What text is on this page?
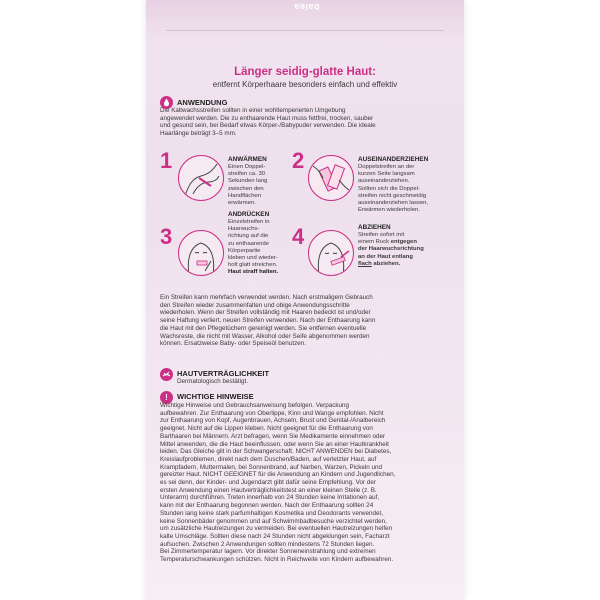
balea
Länger seidig-glatte Haut:
entfernt Körperhaare besonders einfach und effektiv
ANWENDUNG
Die Kaltwachsstreifen sollten in einer wohltemperierten Umgebung
angewendet werden. Die zu enthaarende Haut muss fettfrei, trocken, sauber
und gesund sein, bei Bedarf etwas Körper-/Babypuder verwenden. Die ideale
Haarlänge beträgt 3–5 mm.
1	ANWÄRMEN
Einen Doppel-
streifen ca. 30
Sekunden lang
zwischen den
Handflächen
erwärmen.
2	AUSEINANDERZIEHEN
Doppelstreifen an der
kurzen Seite langsam
auseinanderziehen.
Sollten sich die Doppel-
streifen nicht geschmeidig
auseinanderziehen lassen,
Erwärmen wiederholen.
3
ANDRÜCKEN
Einzelstreifen in
Haarwuchs-
richtung auf die
zu enthaarende
Körperpartie
kleben und wieder-
holt glatt streichen.
Haut straff halten.
4	ABZIEHEN
Streifen sofort mit
einem Ruck entgegen
der Haarwuchsrichtung
an der Haut entlang
flach abziehen.
Ein Streifen kann mehrfach verwendet werden. Nach erstmaligem Gebrauch
den Streifen wieder zusammenfalten und obige Anwendungsschritte
wiederholen. Wenn der Streifen vollständig mit Haaren bedeckt ist und/oder
seine Haftung verliert, neuen Streifen verwenden. Nach der Enthaarung kann
die Haut mit den Pflegetüchern gereinigt werden. Sie entfernen eventuelle
Wachsreste, die nicht mit Wasser, Alkohol oder Seife abgenommen werden
können. Ersatzweise Baby- oder Speiseöl benutzen.
HAUTVERTRÄGLICHKEIT
Dermatologisch bestätigt.
!	WICHTIGE HINWEISE
Wichtige Hinweise und Gebrauchsanweisung befolgen. Verpackung
aufbewahren. Zur Enthaarung von Oberlippe, Kinn und Wange empfohlen. Nicht
zur Enthaarung von Kopf, Augenbrauen, Achseln, Brust und Genital-/Analbereich
geeignet. Nicht auf die Lippen kleben. Nicht geeignet für die Enthaarung von
Barthaaren bei Männern. Arzt befragen, wenn Sie Medikamente einnehmen oder
Mittel anwenden, die die Haut beeinflussen, oder wenn Sie an einer Hautkrankheit
leiden. Das Gleiche gilt in der Schwangerschaft. NICHT ANWENDEN bei Diabetes,
Kreislaufproblemen, direkt nach dem Duschen/Baden, auf verletzter Haut, auf
Krampfadern, Muttermalen, bei Sonnenbrand, auf Narben, Warzen, Pickeln und
gereizter Haut. NICHT GEEIGNET für die Anwendung an Kindern und Jugendlichen,
es sei denn, der Kinder- und Jugendarzt gibt dafür seine Empfehlung. Vor der
ersten Anwendung einen Hautverträglichkeitstest an einer kleinen Stelle (z. B.
Unterarm) durchführen. Treten innerhalb von 24 Stunden keine Irritationen auf,
kann mit der Enthaarung begonnen werden. Nach der Enthaarung sollten 24
Stunden lang keine stark parfumhaltigen Kosmetika und Deodorants verwendet,
keine Sonnenbäder genommen und auf Schwimmbadbesuche verzichtet werden,
um zusätzliche Hautreizungen zu vermeiden. Bei eventuellen Hautreizungen helfen
kalte Umschläge. Sollten diese nach 24 Stunden nicht abgeklungen sein, Facharzt
aufsuchen. Zwischen 2 Anwendungen sollten mindestens 72 Stunden liegen.
Bei Zimmertemperatur lagern. Vor direkter Sonneneinstrahlung und extremen
Temperaturschwankungen schützen. Nicht in Reichweite von Kindern aufbewahren.
